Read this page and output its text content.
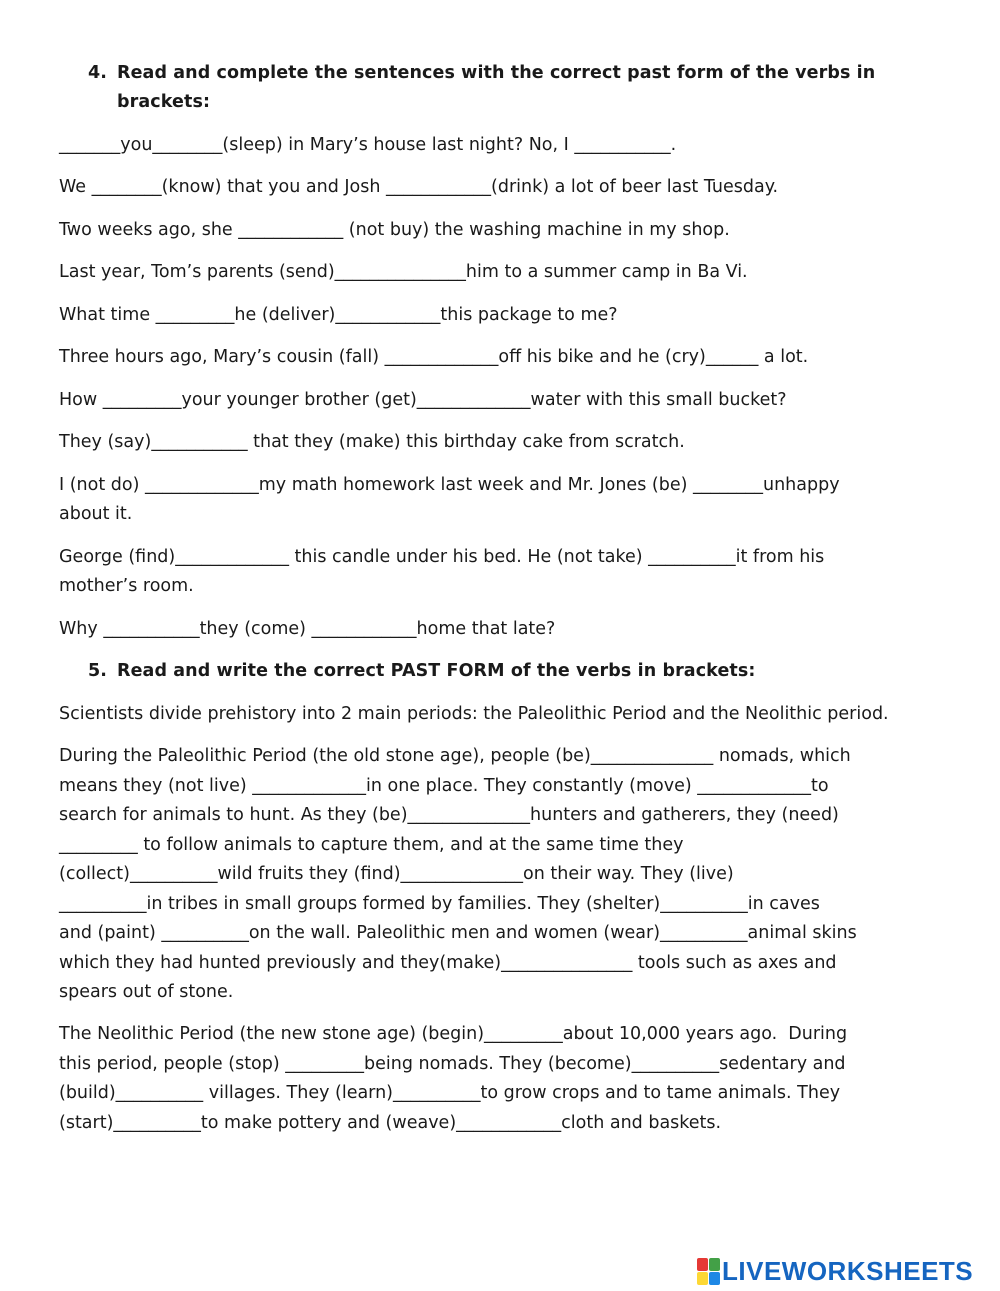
4. Read and complete the sentences with the correct past form of the verbs in
brackets:
_______you________(sleep) in Mary’s house last night? No, I ___________.
We ________(know) that you and Josh ____________(drink) a lot of beer last Tuesday.
Two weeks ago, she ____________ (not buy) the washing machine in my shop.
Last year, Tom’s parents (send)_______________him to a summer camp in Ba Vi.
What time _________he (deliver)____________this package to me?
Three hours ago, Mary’s cousin (fall) _____________off his bike and he (cry)______ a lot.
How _________your younger brother (get)_____________water with this small bucket?
They (say)___________ that they (make) this birthday cake from scratch.
I (not do) _____________my math homework last week and Mr. Jones (be) ________unhappy
about it.
George (find)_____________ this candle under his bed. He (not take) __________it from his
mother’s room.
Why ___________they (come) ____________home that late?
5. Read and write the correct PAST FORM of the verbs in brackets:
Scientists divide prehistory into 2 main periods: the Paleolithic Period and the Neolithic period.
During the Paleolithic Period (the old stone age), people (be)______________ nomads, which
means they (not live) _____________in one place. They constantly (move) _____________to
search for animals to hunt. As they (be)______________hunters and gatherers, they (need)
_________ to follow animals to capture them, and at the same time they
(collect)__________wild fruits they (find)______________on their way. They (live)
__________in tribes in small groups formed by families. They (shelter)__________in caves
and (paint) __________on the wall. Paleolithic men and women (wear)__________animal skins
which they had hunted previously and they(make)_______________ tools such as axes and
spears out of stone.
The Neolithic Period (the new stone age) (begin)_________about 10,000 years ago.  During
this period, people (stop) _________being nomads. They (become)__________sedentary and
(build)__________ villages. They (learn)__________to grow crops and to tame animals. They
(start)__________to make pottery and (weave)____________cloth and baskets.
LIVEWORKSHEETS
